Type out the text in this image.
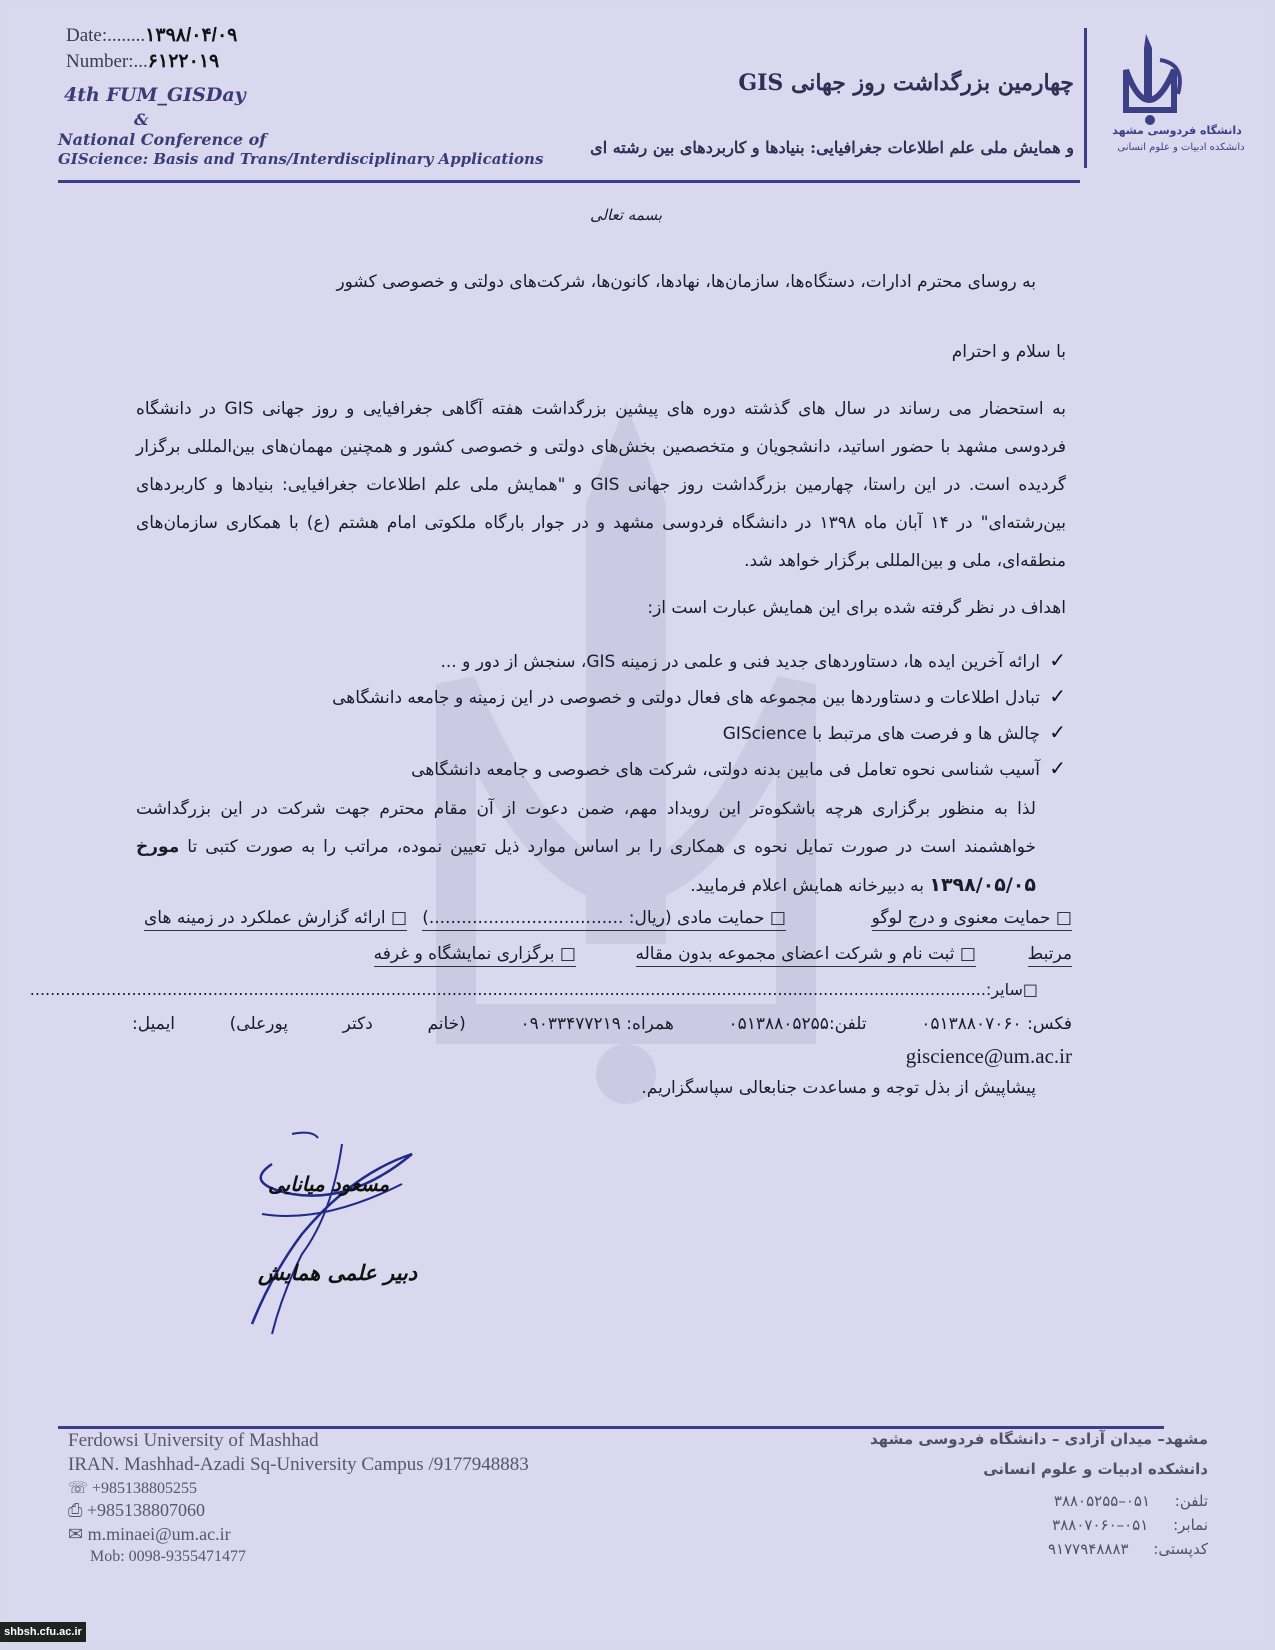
Date:........۱۳۹۸/۰۴/۰۹
Number:...۶۱۲۲۰۱۹
4th FUM_GISDay
&
National Conference of
GIScience: Basis and Trans/Interdisciplinary Applications
چهارمین بزرگداشت روز جهانی GIS
و همایش ملی علم اطلاعات جغرافیایی: بنیادها و کاربردهای بین رشته ای
دانشگاه فردوسی مشهد
دانشکده ادبیات و علوم انسانی
بسمه تعالی
به روسای محترم ادارات، دستگاه‌ها، سازمان‌ها، نهادها، کانون‌ها، شرکت‌های دولتی و خصوصی کشور
با سلام و احترام
به استحضار می رساند در سال های گذشته دوره های پیشین بزرگداشت هفته آگاهی جغرافیایی و روز جهانی GIS در دانشگاه فردوسی مشهد با حضور اساتید، دانشجویان و متخصصین بخش‌های دولتی و خصوصی کشور و همچنین مهمان‌های بین‌المللی برگزار گردیده است. در این راستا، چهارمین بزرگداشت روز جهانی GIS و "همایش ملی علم اطلاعات جغرافیایی: بنیادها و کاربردهای بین‌رشته‌ای" در ۱۴ آبان ماه ۱۳۹۸ در دانشگاه فردوسی مشهد و در جوار بارگاه ملکوتی امام هشتم (ع) با همکاری سازمان‌های منطقه‌ای، ملی و بین‌المللی برگزار خواهد شد.
اهداف در نظر گرفته شده برای این همایش عبارت است از:
✓ارائه آخرین ایده ها، دستاوردهای جدید فنی و علمی در زمینه GIS، سنجش از دور و ...
✓تبادل اطلاعات و دستاوردها بین مجموعه های فعال دولتی و خصوصی در این زمینه و جامعه دانشگاهی
✓چالش ها و فرصت های مرتبط با GIScience
✓آسیب شناسی نحوه تعامل فی مابین بدنه دولتی، شرکت های خصوصی و جامعه دانشگاهی
لذا به منظور برگزاری هرچه باشکوه‌تر این رویداد مهم، ضمن دعوت از آن مقام محترم جهت شرکت در این بزرگداشت خواهشمند است در صورت تمایل نحوه ی همکاری را بر اساس موارد ذیل تعیین نموده، مراتب را به صورت کتبی تا مورخ ۱۳۹۸/۰۵/۰۵ به دبیرخانه همایش اعلام فرمایید.
□ حمایت معنوی و درج لوگو
□ حمایت مادی (ریال: ....................................)
□ ارائه گزارش عملکرد در زمینه های
مرتبط
□ ثبت نام و شرکت اعضای مجموعه بدون مقاله
□ برگزاری نمایشگاه و غرفه
□سایر:............................................................................................................................................................................................
فکس: ۰۵۱۳۸۸۰۷۰۶۰
تلفن:۰۵۱۳۸۸۰۵۲۵۵
همراه: ۰۹۰۳۳۴۷۷۲۱۹
(خانم
دکتر
پورعلی)
ایمیل:
giscience@um.ac.ir
پیشاپیش از بذل توجه و مساعدت جنابعالی سپاسگزاریم.
مسعود میانایی
دبیر علمی همایش
Ferdowsi University of Mashhad
IRAN. Mashhad-Azadi Sq-University Campus /9177948883
☏ +985138805255
⎙ +985138807060
✉ m.minaei@um.ac.ir
Mob: 0098-9355471477
مشهد– میدان آزادی – دانشگاه فردوسی مشهد
دانشکده ادبیات و علوم انسانی
تلفن: ۰۵۱–۳۸۸۰۵۲۵۵
نمابر: ۰۵۱–۳۸۸۰۷۰۶۰
کدپستی: ۹۱۷۷۹۴۸۸۸۳
shbsh.cfu.ac.ir
